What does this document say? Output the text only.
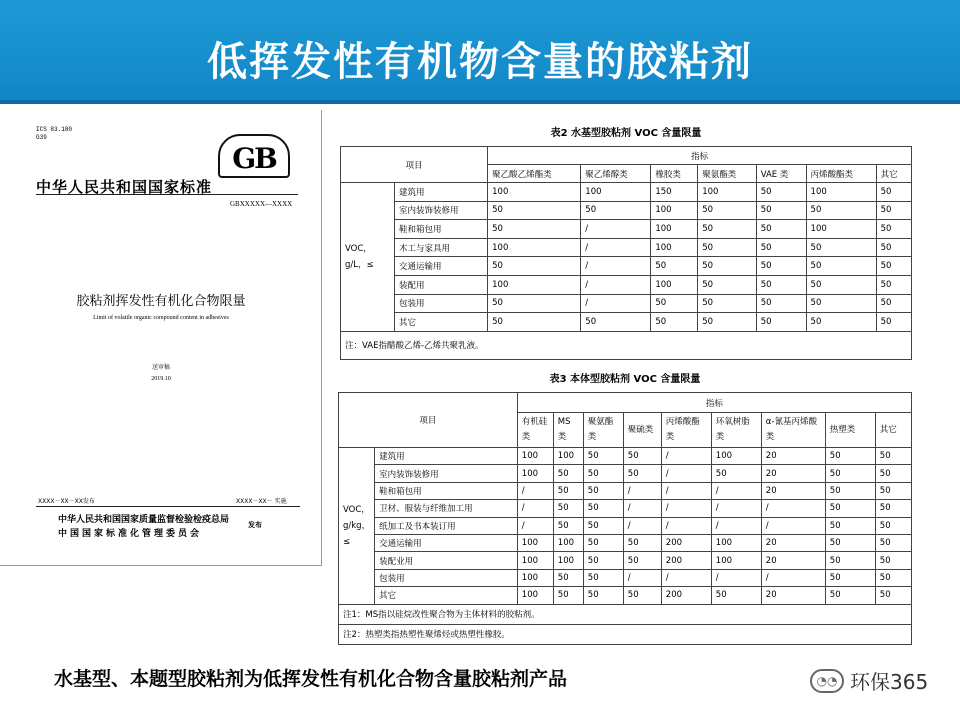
低挥发性有机物含量的胶粘剂
ICS 83.180
G39
GB
中华人民共和国国家标准
GBXXXXX—XXXX
胶粘剂挥发性有机化合物限量
Limit of volatile organic compound content in adhesives
送审稿
2019.10
XXXX－XX－XX发布	XXXX－XX－ 实施
中华人民共和国国家质量监督检验检疫总局
中国国家标准化管理委员会
发布
表2 水基型胶粘剂 VOC 含量限量
项目		指标						
		聚乙酸乙烯酯类	聚乙烯醇类	橡胶类	聚氨酯类	VAE 类	丙烯酸酯类	其它
VOC，g/L，≤	建筑用	100	100	150	100	50	100	50
	室内装饰装修用	50	50	100	50	50	50	50
	鞋和箱包用	50	/	100	50	50	100	50
	木工与家具用	100	/	100	50	50	50	50
	交通运输用	50	/	50	50	50	50	50
	装配用	100	/	100	50	50	50	50
	包装用	50	/	50	50	50	50	50
	其它	50	50	50	50	50	50	50
注：VAE指醋酸乙烯-乙烯共聚乳液。								
表3 本体型胶粘剂 VOC 含量限量
项目		指标								
		有机硅类	MS类	聚氨酯类	聚硫类	丙烯酸酯类	环氧树脂类	α-氰基丙烯酸类	热塑类	其它
VOC，g/kg，≤	建筑用	100	100	50	50	/	100	20	50	50
	室内装饰装修用	100	50	50	50	/	50	20	50	50
	鞋和箱包用	/	50	50	/	/	/	20	50	50
	卫材、服装与纤维加工用	/	50	50	/	/	/	/	50	50
	纸加工及书本装订用	/	50	50	/	/	/	/	50	50
	交通运输用	100	100	50	50	200	100	20	50	50
	装配业用	100	100	50	50	200	100	20	50	50
	包装用	100	50	50	/	/	/	/	50	50
	其它	100	50	50	50	200	50	20	50	50
注1：MS指以硅烷改性聚合物为主体材料的胶粘剂。										
注2：热塑类指热塑性聚烯烃或热塑性橡胶。										
水基型、本题型胶粘剂为低挥发性有机化合物含量胶粘剂产品	◔◔ 环保365
